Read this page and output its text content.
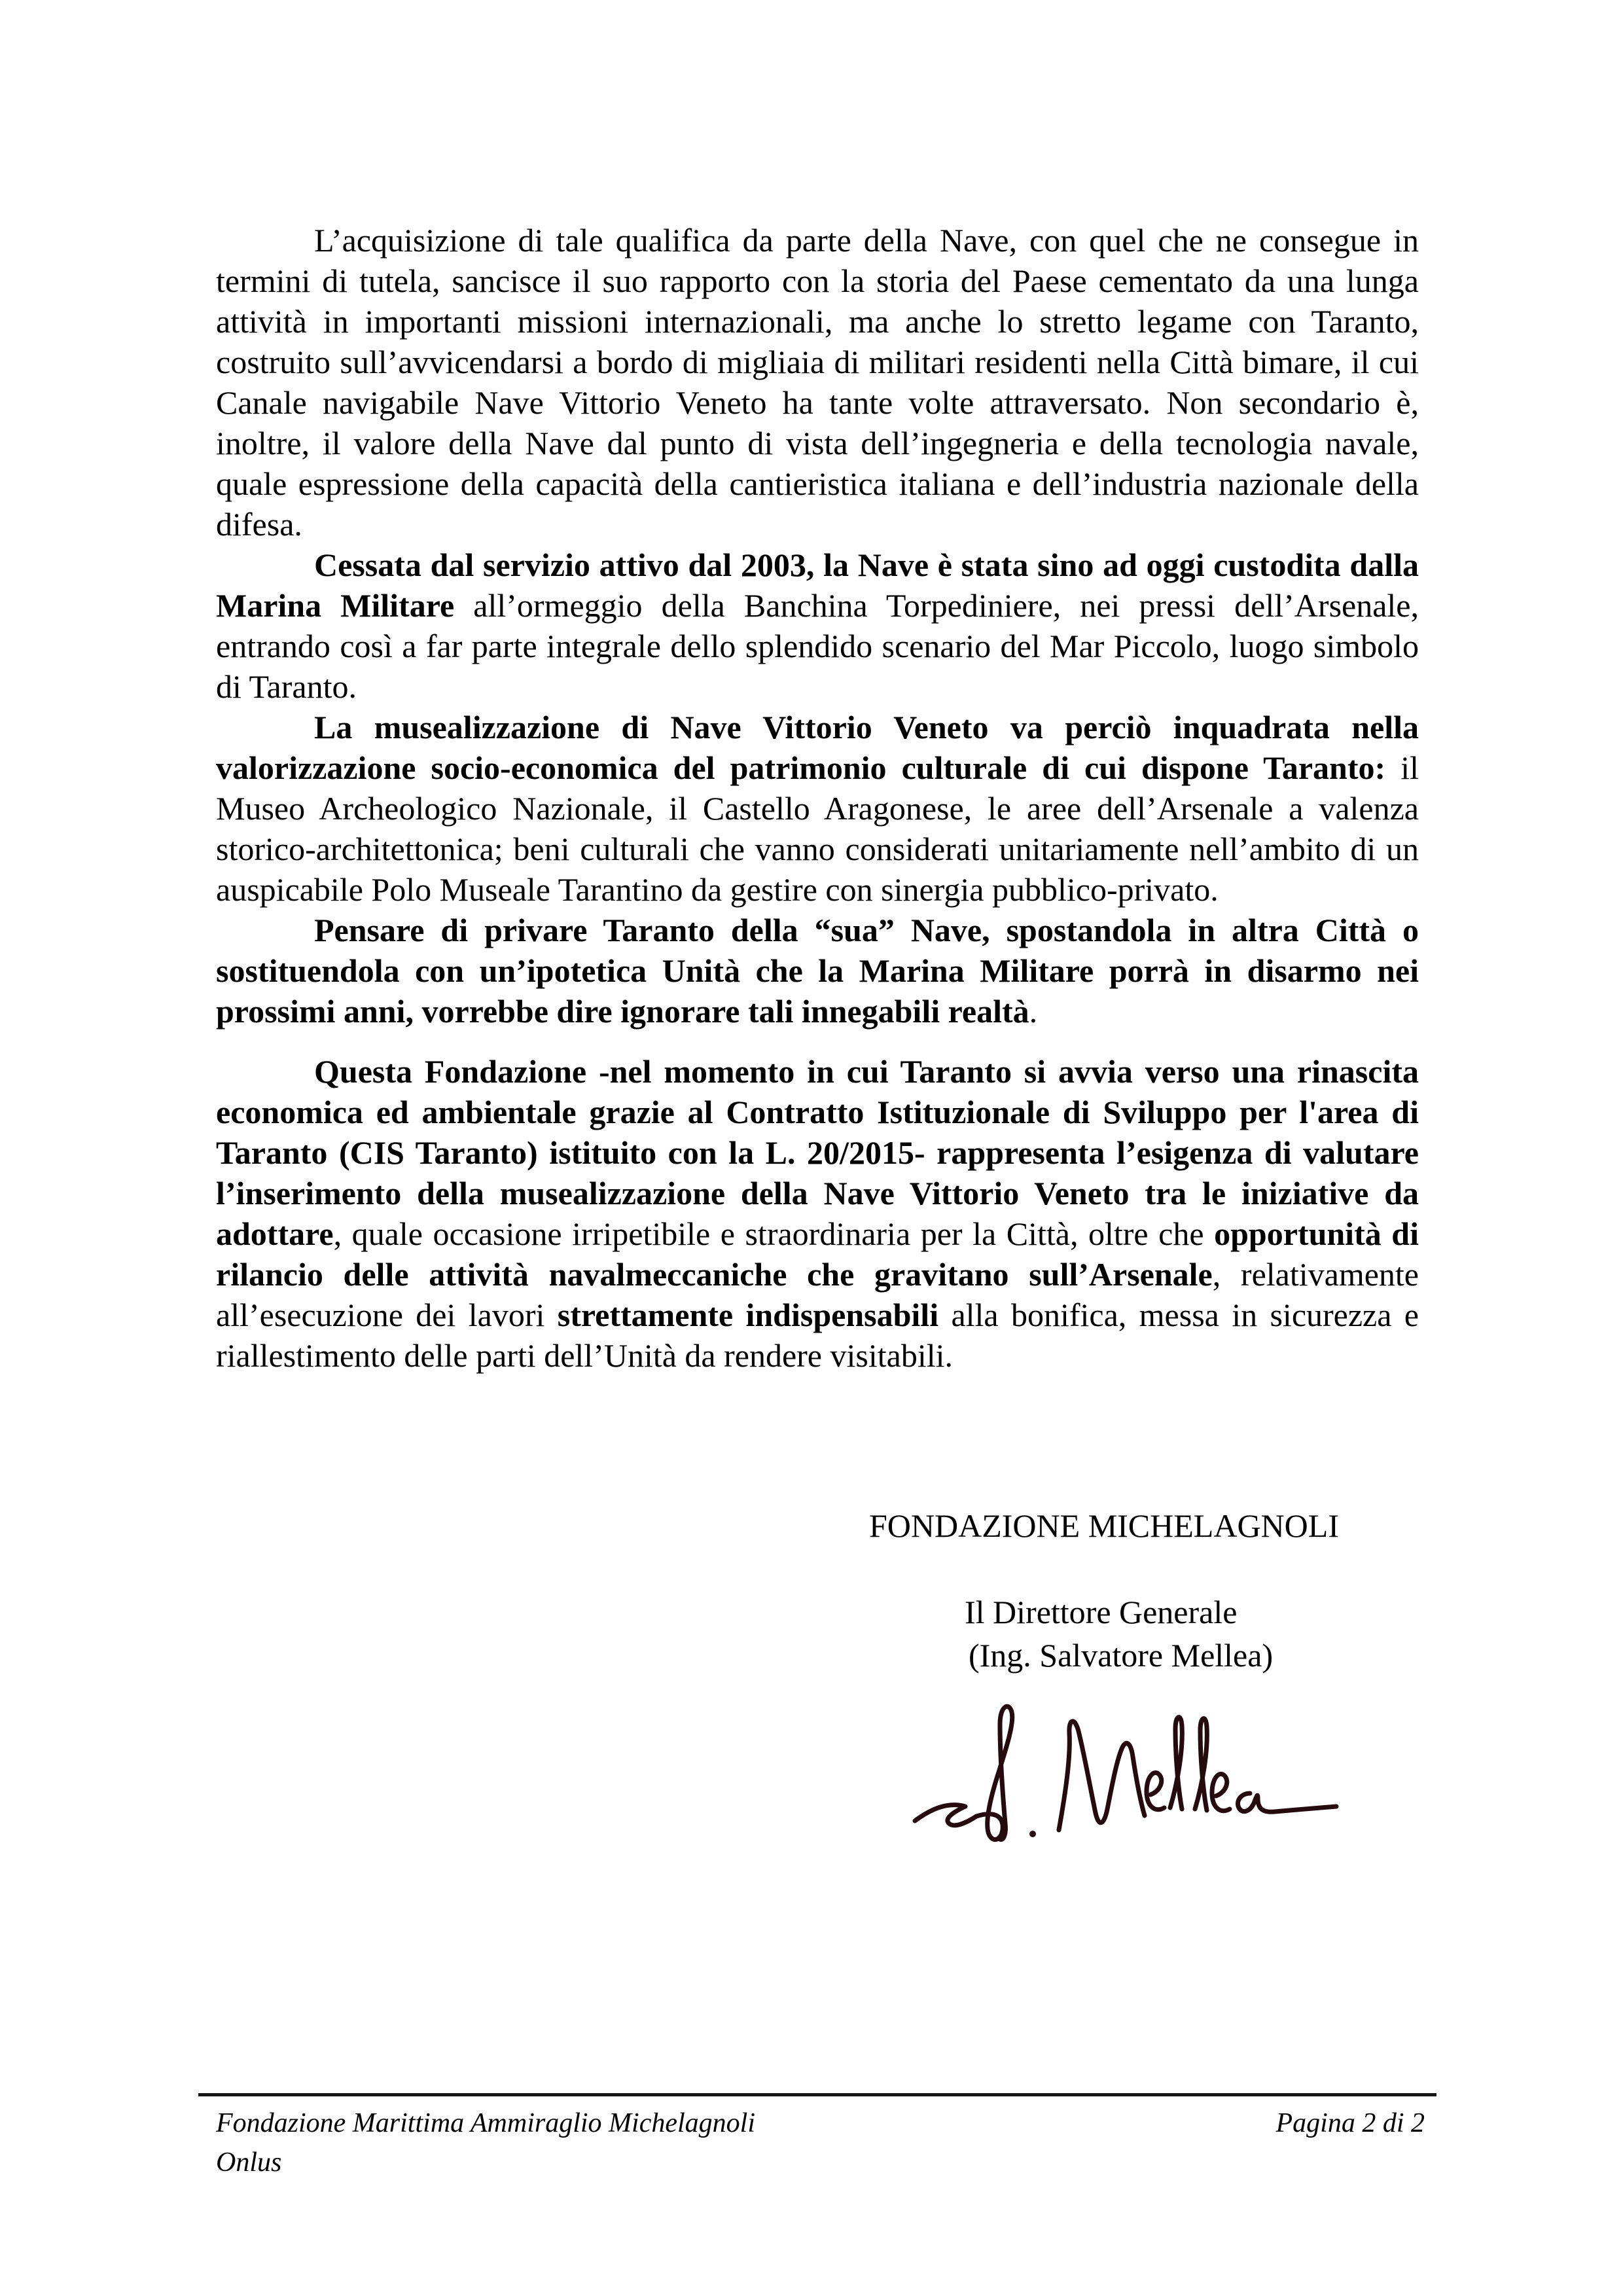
L’acquisizione di tale qualifica da parte della Nave, con quel che ne consegue in termini di tutela, sancisce il suo rapporto con la storia del Paese cementato da una lunga attività in importanti missioni internazionali, ma anche lo stretto legame con Taranto, costruito sull’avvicendarsi a bordo di migliaia di militari residenti nella Città bimare, il cui Canale navigabile Nave Vittorio Veneto ha tante volte attraversato. Non secondario è, inoltre, il valore della Nave dal punto di vista dell’ingegneria e della tecnologia navale, quale espressione della capacità della cantieristica italiana e dell’industria nazionale della difesa.

Cessata dal servizio attivo dal 2003, la Nave è stata sino ad oggi custodita dalla Marina Militare all’ormeggio della Banchina Torpediniere, nei pressi dell’Arsenale, entrando così a far parte integrale dello splendido scenario del Mar Piccolo, luogo simbolo di Taranto.

La musealizzazione di Nave Vittorio Veneto va perciò inquadrata nella valorizzazione socio-economica del patrimonio culturale di cui dispone Taranto: il Museo Archeologico Nazionale, il Castello Aragonese, le aree dell’Arsenale a valenza storico-architettonica; beni culturali che vanno considerati unitariamente nell’ambito di un auspicabile Polo Museale Tarantino da gestire con sinergia pubblico-privato.

Pensare di privare Taranto della “sua” Nave, spostandola in altra Città o sostituendola con un’ipotetica Unità che la Marina Militare porrà in disarmo nei prossimi anni, vorrebbe dire ignorare tali innegabili realtà.

Questa Fondazione -nel momento in cui Taranto si avvia verso una rinascita economica ed ambientale grazie al Contratto Istituzionale di Sviluppo per l'area di Taranto (CIS Taranto) istituito con la L. 20/2015- rappresenta l’esigenza di valutare l’inserimento della musealizzazione della Nave Vittorio Veneto tra le iniziative da adottare, quale occasione irripetibile e straordinaria per la Città, oltre che opportunità di rilancio delle attività navalmeccaniche che gravitano sull’Arsenale, relativamente all’esecuzione dei lavori strettamente indispensabili alla bonifica, messa in sicurezza e riallestimento delle parti dell’Unità da rendere visitabili.

FONDAZIONE MICHELAGNOLI
Il Direttore Generale
(Ing. Salvatore Mellea)
Fondazione Marittima Ammiraglio Michelagnoli
Onlus
Pagina 2 di 2
